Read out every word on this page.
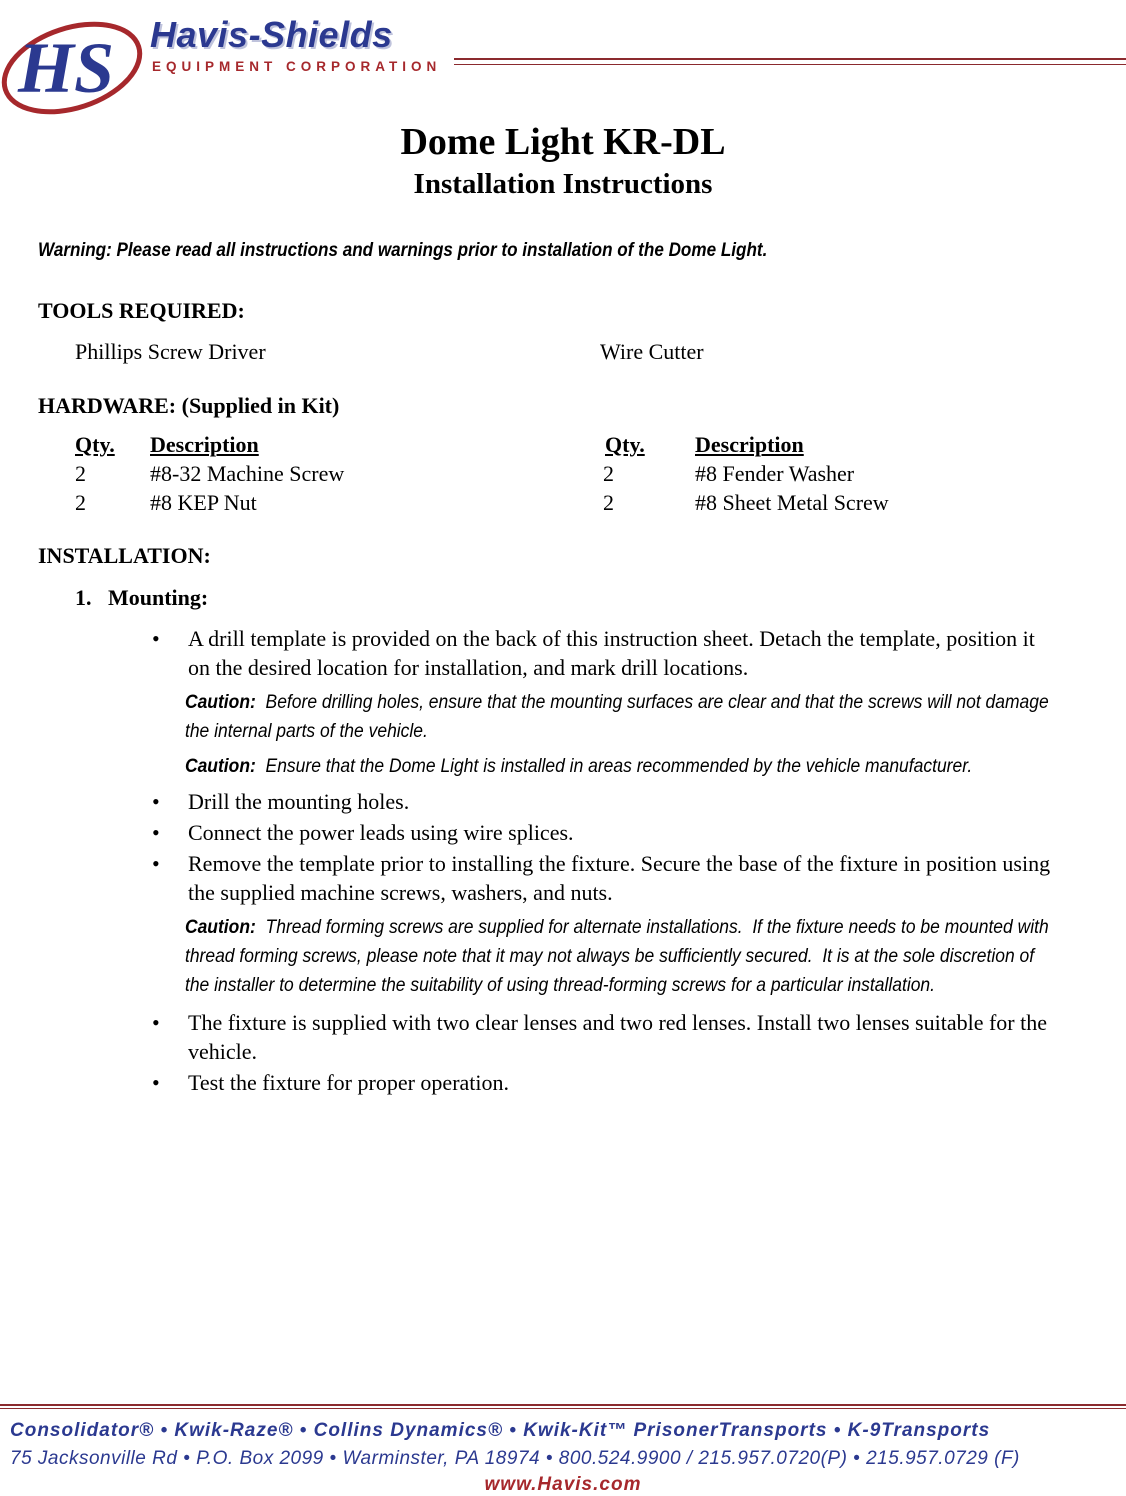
HS Havis-Shields
EQUIPMENT CORPORATION
Dome Light KR-DL
Installation Instructions
Warning: Please read all instructions and warnings prior to installation of the Dome Light.
TOOLS REQUIRED:
Phillips Screw Driver	Wire Cutter
HARDWARE: (Supplied in Kit)
Qty. Description	Qty. Description
2	#8-32 Machine Screw	2	#8 Fender Washer
2	#8 KEP Nut	2	#8 Sheet Metal Screw
INSTALLATION:
1.   Mounting:
• A drill template is provided on the back of this instruction sheet. Detach the template, position it on the desired location for installation, and mark drill locations.
Caution:  Before drilling holes, ensure that the mounting surfaces are clear and that the screws will not damage the internal parts of the vehicle.
Caution:  Ensure that the Dome Light is installed in areas recommended by the vehicle manufacturer.
• Drill the mounting holes.
• Connect the power leads using wire splices.
• Remove the template prior to installing the fixture. Secure the base of the fixture in position using the supplied machine screws, washers, and nuts.
Caution:  Thread forming screws are supplied for alternate installations.  If the fixture needs to be mounted with thread forming screws, please note that it may not always be sufficiently secured.  It is at the sole discretion of the installer to determine the suitability of using thread-forming screws for a particular installation.
• The fixture is supplied with two clear lenses and two red lenses. Install two lenses suitable for the vehicle.
• Test the fixture for proper operation.
Consolidator® • Kwik-Raze® • Collins Dynamics® • Kwik-Kit™ PrisonerTransports • K-9Transports
75 Jacksonville Rd • P.O. Box 2099 • Warminster, PA 18974 • 800.524.9900 / 215.957.0720(P) • 215.957.0729 (F)
www.Havis.com
